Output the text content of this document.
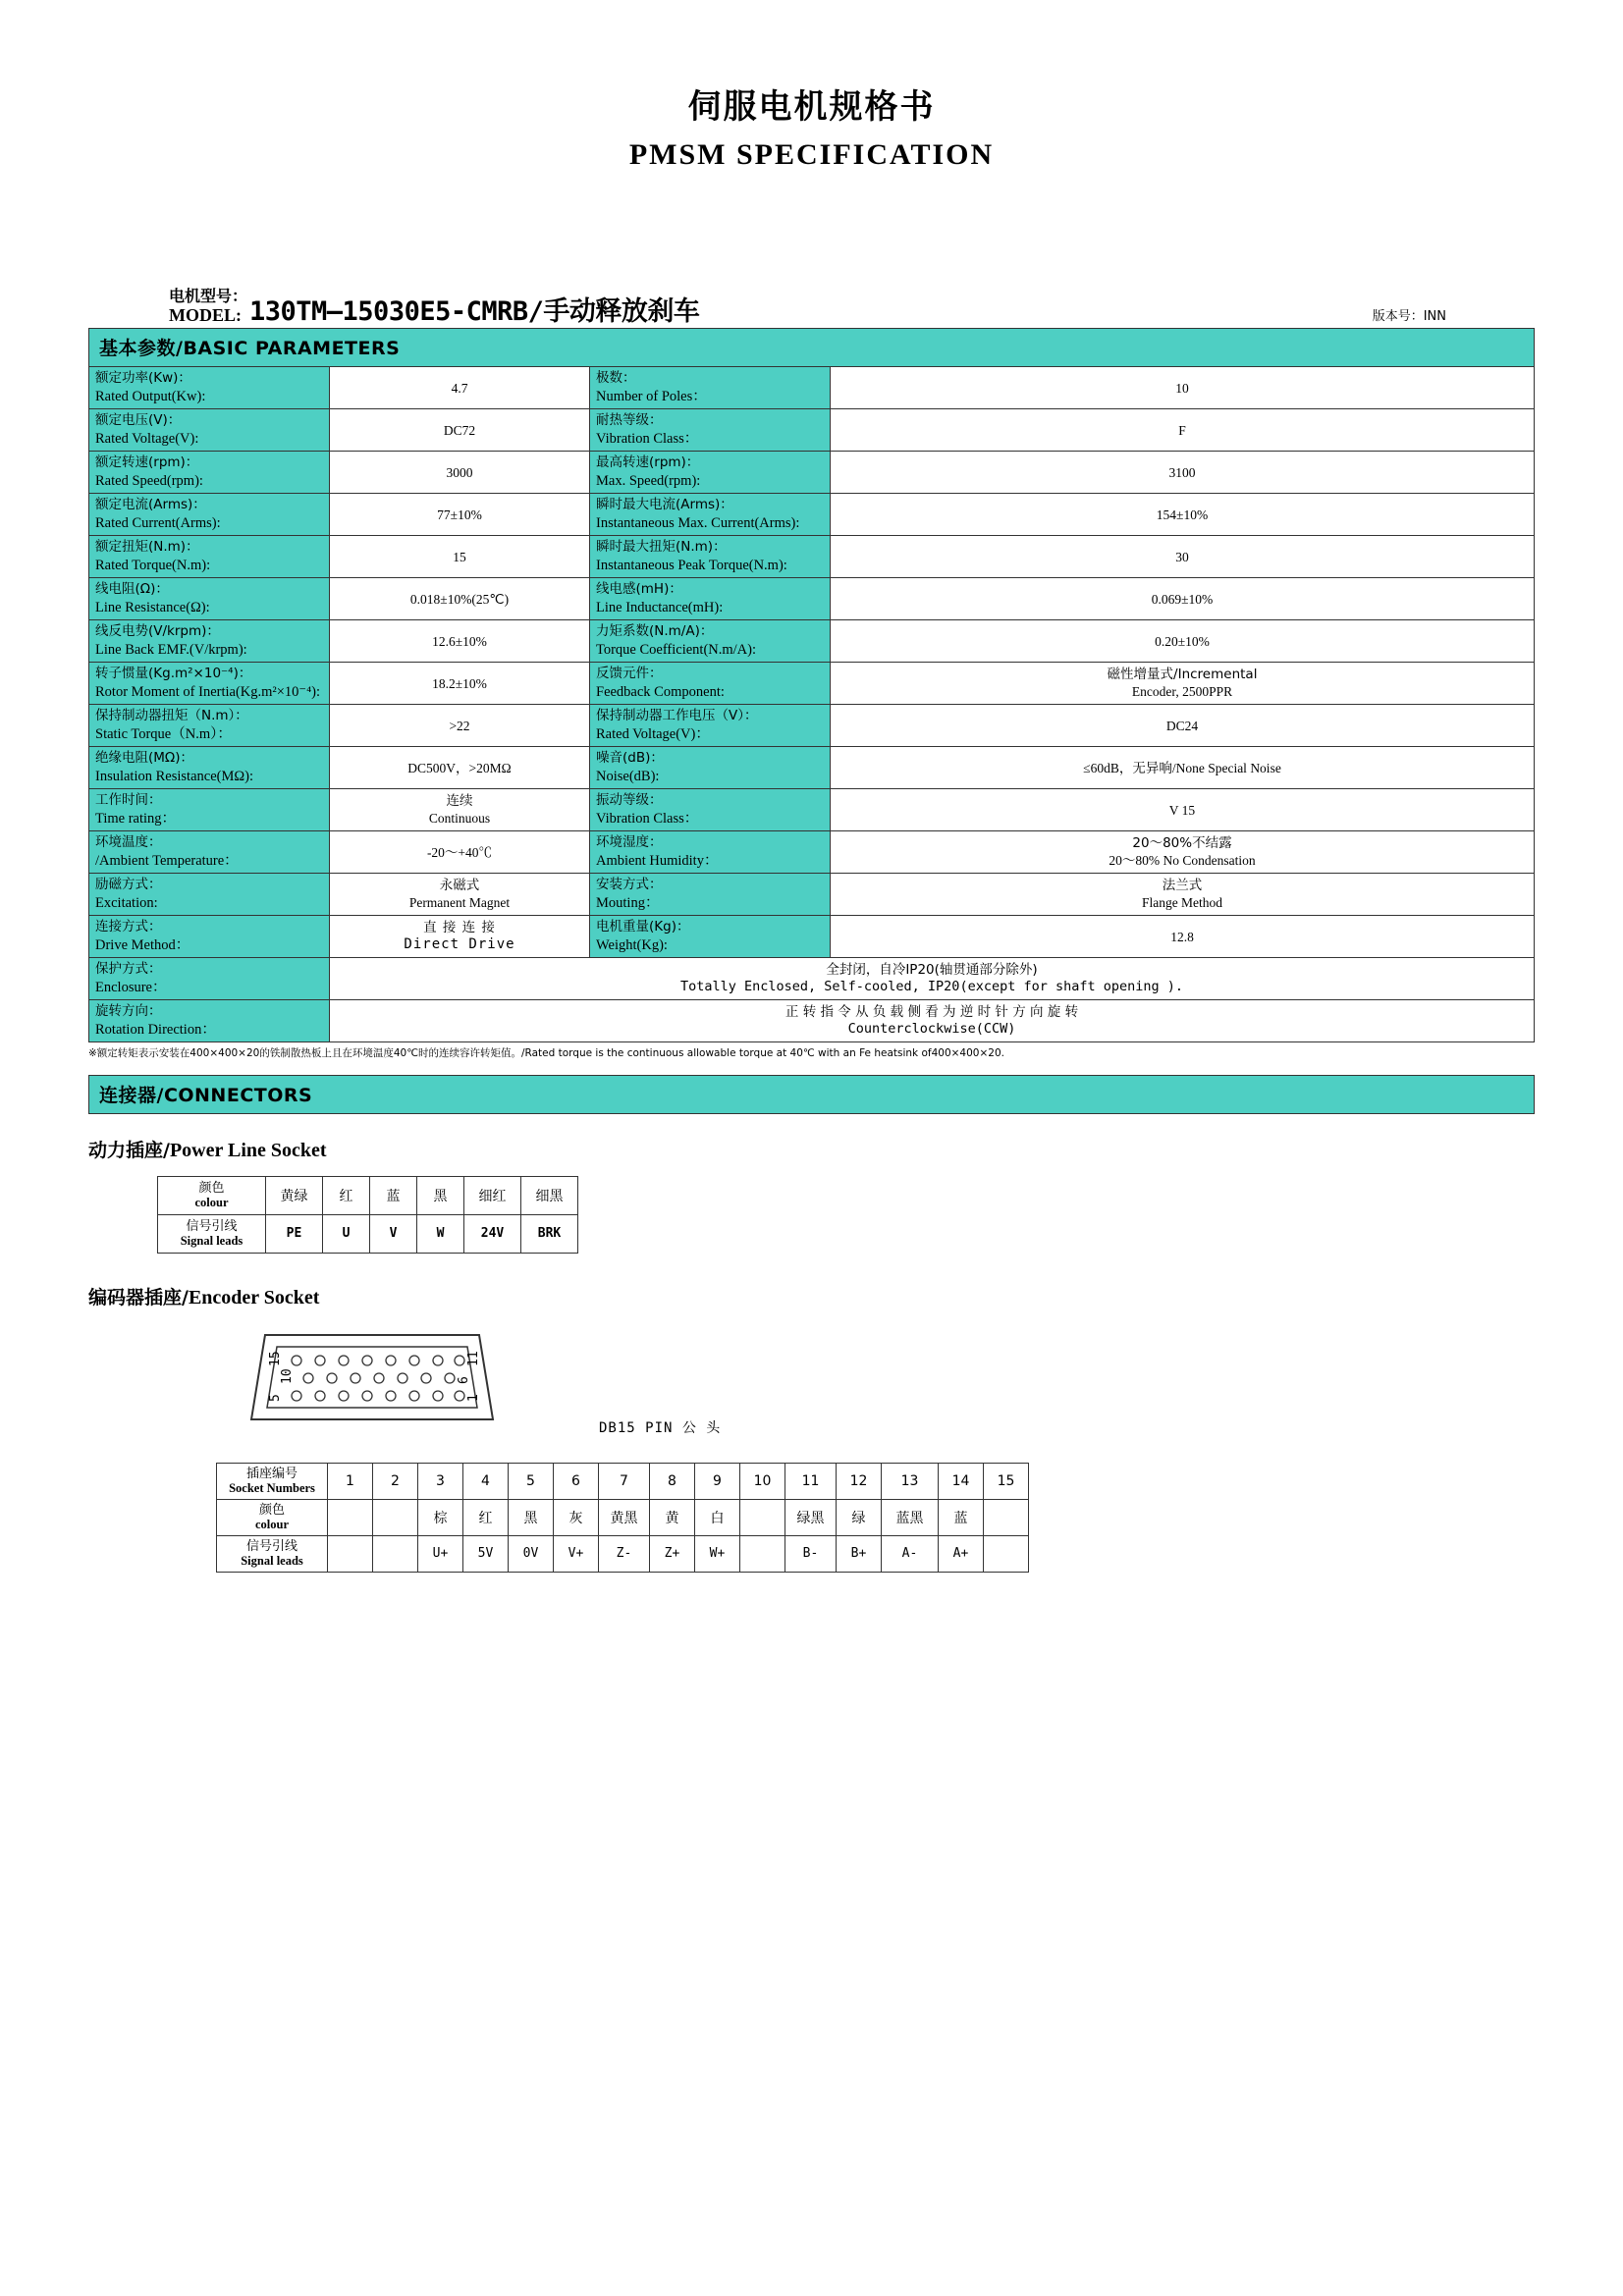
伺服电机规格书
PMSM SPECIFICATION
电机型号：
MODEL: 130TM—15030E5-CMRB/手动释放刹车	版本号：INN
基本参数/BASIC PARAMETERS
额定功率(Kw)：
Rated Output(Kw):	4.7	极数：
Number of Poles：	10

额定电压(V)：
Rated Voltage(V):	DC72	耐热等级：
Vibration Class：	F

额定转速(rpm)：
Rated Speed(rpm):	3000	最高转速(rpm)：
Max. Speed(rpm):	3100

额定电流(Arms)：
Rated Current(Arms):	77±10%	瞬时最大电流(Arms)：
Instantaneous Max. Current(Arms):	154±10%

额定扭矩(N.m)：
Rated Torque(N.m):	15	瞬时最大扭矩(N.m)：
Instantaneous Peak Torque(N.m):	30

线电阻(Ω)：
Line Resistance(Ω):	0.018±10%(25℃)	线电感(mH)：
Line Inductance(mH):	0.069±10%

线反电势(V/krpm)：
Line Back EMF.(V/krpm):	12.6±10%	力矩系数(N.m/A)：
Torque Coefficient(N.m/A):	0.20±10%

转子惯量(Kg.m²×10⁻⁴)：
Rotor Moment of Inertia(Kg.m²×10⁻⁴):	18.2±10%	反馈元件：
Feedback Component:	磁性增量式/Incremental
Encoder, 2500PPR

保持制动器扭矩（N.m）：
Static Torque（N.m）：	>22	保持制动器工作电压（V）：
Rated Voltage(V)：	DC24

绝缘电阻(MΩ)：
Insulation Resistance(MΩ):	DC500V，>20MΩ	噪音(dB)：
Noise(dB):	≤60dB，无异响/None Special Noise

工作时间：
Time rating：	连续
Continuous	振动等级：
Vibration Class：	V 15

环境温度：
/Ambient Temperature：	-20～+40℃	环境湿度：
Ambient Humidity：	20～80%不结露
20～80% No Condensation

励磁方式：
Excitation:	永磁式
Permanent Magnet	安装方式：
Mouting：	法兰式
Flange Method

连接方式：
Drive Method：	直 接 连 接
Direct Drive	电机重量(Kg)：
Weight(Kg):	12.8

保护方式：
Enclosure：	全封闭，自冷IP20(轴贯通部分除外)
Totally Enclosed, Self-cooled, IP20(except for shaft opening ).		

旋转方向：
Rotation Direction：	正 转 指 令 从 负 载 侧 看 为 逆 时 针 方 向 旋 转
Counterclockwise(CCW)		
※额定转矩表示安装在400×400×20的铁制散热板上且在环境温度40℃时的连续容许转矩值。/Rated torque is the continuous allowable torque at 40℃ with an Fe heatsink of400×400×20.
连接器/CONNECTORS
动力插座/Power Line Socket
颜色
colour	黄绿	红	蓝	黑	细红	细黑
信号引线
Signal leads	PE	U	V	W	24V	BRK
编码器插座/Encoder Socket
15
10
5
11
6
1
DB15 PIN 公 头
插座编号
Socket Numbers	1	2	3	4	5	6	7	8	9	10	11	12	13	14	15
颜色
colour			棕	红	黑	灰	黄黑	黄	白		绿黑	绿	蓝黑	蓝	
信号引线
Signal leads			U+	5V	0V	V+	Z-	Z+	W+		B-	B+	A-	A+	
